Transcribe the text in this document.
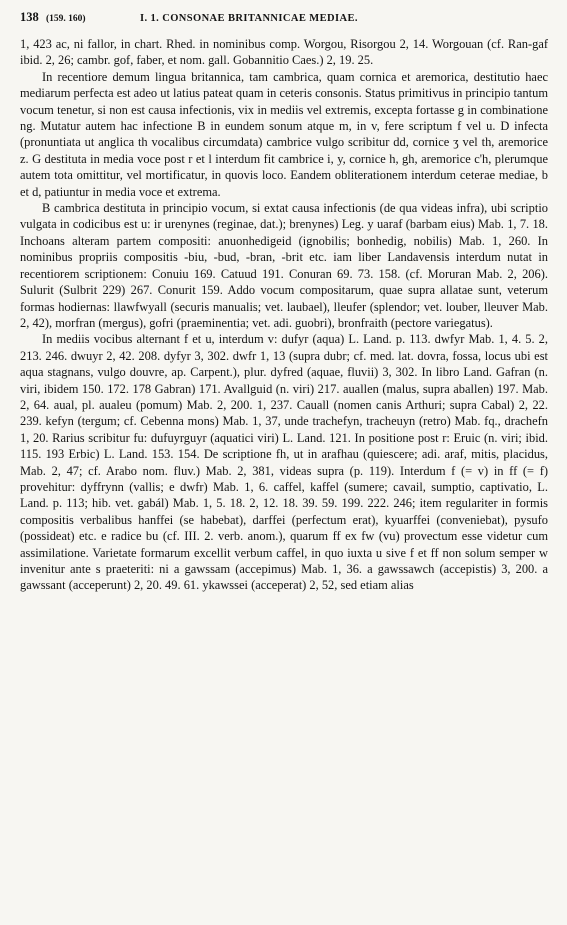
138 (159. 160)	I. 1. CONSONAE BRITANNICAE MEDIAE.

1, 423 ac, ni fallor, in chart. Rhed. in nominibus comp. Worgou, Risorgou 2, 14. Worgouan (cf. Ran-gaf ibid. 2, 26; cambr. gof, faber, et nom. gall. Gobannitio Caes.) 2, 19. 25.

In recentiore demum lingua britannica, tam cambrica, quam cornica et aremorica, destitutio haec mediarum perfecta est adeo ut latius pateat quam in ceteris consonis. Status primitivus in principio tantum vocum tenetur, si non est causa infectionis, vix in mediis vel extremis, excepta fortasse g in combinatione ng. Mutatur autem hac infectione B in eundem sonum atque m, in v, fere scriptum f vel u. D infecta (pronuntiata ut anglica th vocalibus circumdata) cambrice vulgo scribitur dd, cornice ʒ vel th, aremorice z. G destituta in media voce post r et l interdum fit cambrice i, y, cornice h, gh, aremorice c'h, plerumque autem tota omittitur, vel mortificatur, in quovis loco. Eandem obliterationem interdum ceterae mediae, b et d, patiuntur in media voce et extrema.

B cambrica destituta in principio vocum, si extat causa infectionis (de qua videas infra), ubi scriptio vulgata in codicibus est u: ir urenynes (reginae, dat.); brenynes) Leg. y uaraf (barbam eius) Mab. 1, 7. 18. Inchoans alteram partem compositi: anuonhedigeid (ignobilis; bonhedig, nobilis) Mab. 1, 260. In nominibus propriis compositis -biu, -bud, -bran, -brit etc. iam liber Landavensis interdum nutat in recentiorem scriptionem: Conuiu 169. Catuud 191. Conuran 69. 73. 158. (cf. Moruran Mab. 2, 206). Sulurit (Sulbrit 229) 267. Conurit 159. Addo vocum compositarum, quae supra allatae sunt, veterum formas hodiernas: llawfwyall (securis manualis; vet. laubael), lleufer (splendor; vet. louber, lleuver Mab. 2, 42), morfran (mergus), gofri (praeminentia; vet. adi. guobri), bronfraith (pectore variegatus).

In mediis vocibus alternant f et u, interdum v: dufyr (aqua) L. Land. p. 113. dwfyr Mab. 1, 4. 5. 2, 213. 246. dwuyr 2, 42. 208. dyfyr 3, 302. dwfr 1, 13 (supra dubr; cf. med. lat. dovra, fossa, locus ubi est aqua stagnans, vulgo douvre, ap. Carpent.), plur. dyfred (aquae, fluvii) 3, 302. In libro Land. Gafran (n. viri, ibidem 150. 172. 178 Gabran) 171. Avallguid (n. viri) 217. auallen (malus, supra aballen) 197. Mab. 2, 64. aual, pl. aualeu (pomum) Mab. 2, 200. 1, 237. Cauall (nomen canis Arthuri; supra Cabal) 2, 22. 239. kefyn (tergum; cf. Cebenna mons) Mab. 1, 37, unde trachefyn, tracheuyn (retro) Mab. fq., drachefn 1, 20. Rarius scribitur fu: dufuyrguyr (aquatici viri) L. Land. 121. In positione post r: Eruic (n. viri; ibid. 115. 193 Erbic) L. Land. 153. 154. De scriptione fh, ut in arafhau (quiescere; adi. araf, mitis, placidus, Mab. 2, 47; cf. Arabo nom. fluv.) Mab. 2, 381, videas supra (p. 119). Interdum f (= v) in ff (= f) provehitur: dyffrynn (vallis; e dwfr) Mab. 1, 6. caffel, kaffel (sumere; cavail, sumptio, captivatio, L. Land. p. 113; hib. vet. gabál) Mab. 1, 5. 18. 2, 12. 18. 39. 59. 199. 222. 246; item regulariter in formis compositis verbalibus hanffei (se habebat), darffei (perfectum erat), kyuarffei (conveniebat), pysufo (possideat) etc. e radice bu (cf. III. 2. verb. anom.), quarum ff ex fw (vu) provectum esse videtur cum assimilatione. Varietate formarum excellit verbum caffel, in quo iuxta u sive f et ff non solum semper w invenitur ante s praeteriti: ni a gawssam (accepimus) Mab. 1, 36. a gawssawch (accepistis) 3, 200. a gawssant (acceperunt) 2, 20. 49. 61. ykawssei (acceperat) 2, 52, sed etiam alias
